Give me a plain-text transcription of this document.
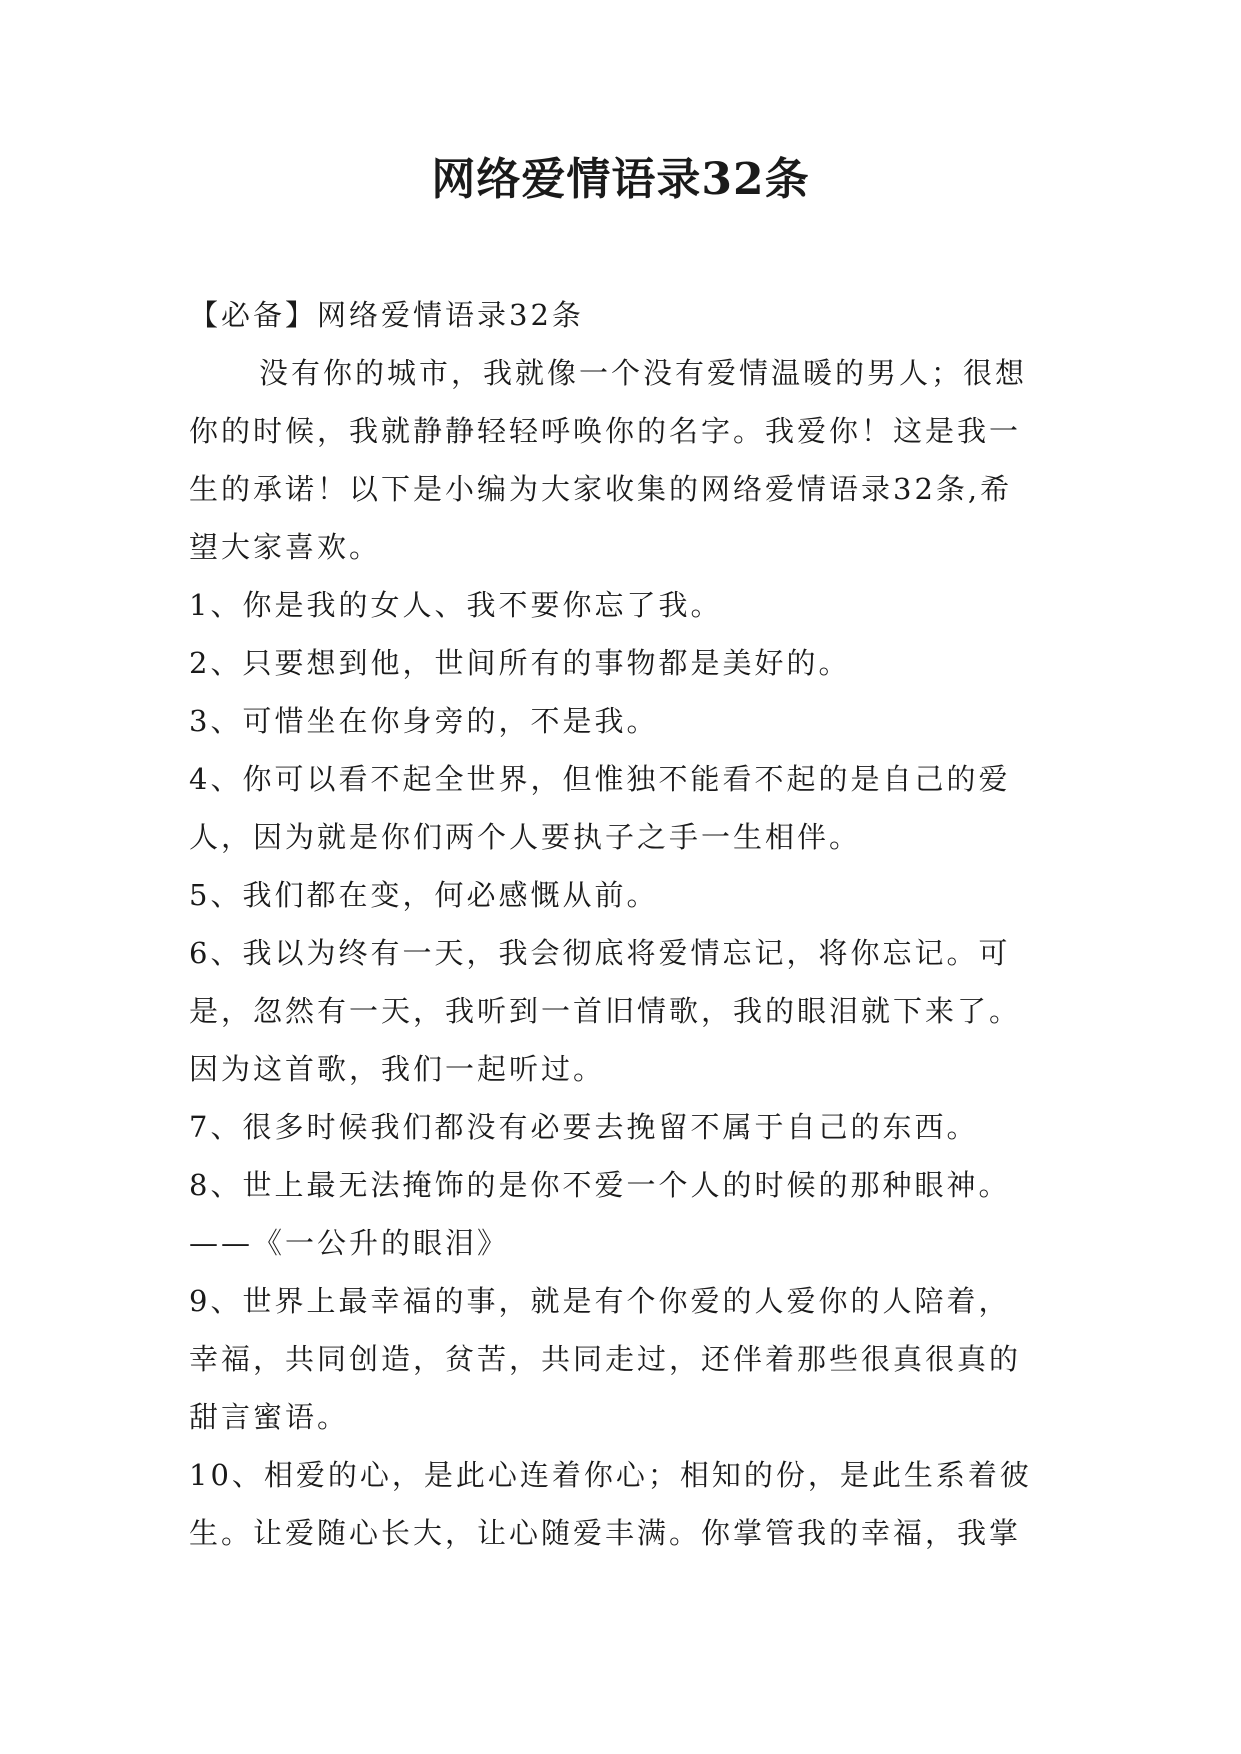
网络爱情语录32条
【必备】网络爱情语录32条
没有你的城市，我就像一个没有爱情温暖的男人；很想
你的时候，我就静静轻轻呼唤你的名字。我爱你！这是我一
生的承诺！以下是小编为大家收集的网络爱情语录32条,希
望大家喜欢。
1、你是我的女人、我不要你忘了我。
2、只要想到他，世间所有的事物都是美好的。
3、可惜坐在你身旁的，不是我。
4、你可以看不起全世界，但惟独不能看不起的是自己的爱
人，因为就是你们两个人要执子之手一生相伴。
5、我们都在变，何必感慨从前。
6、我以为终有一天，我会彻底将爱情忘记，将你忘记。可
是，忽然有一天，我听到一首旧情歌，我的眼泪就下来了。
因为这首歌，我们一起听过。
7、很多时候我们都没有必要去挽留不属于自己的东西。
8、世上最无法掩饰的是你不爱一个人的时候的那种眼神。
——《一公升的眼泪》
9、世界上最幸福的事，就是有个你爱的人爱你的人陪着，
幸福，共同创造，贫苦，共同走过，还伴着那些很真很真的
甜言蜜语。
10、相爱的心，是此心连着你心；相知的份，是此生系着彼
生。让爱随心长大，让心随爱丰满。你掌管我的幸福，我掌
